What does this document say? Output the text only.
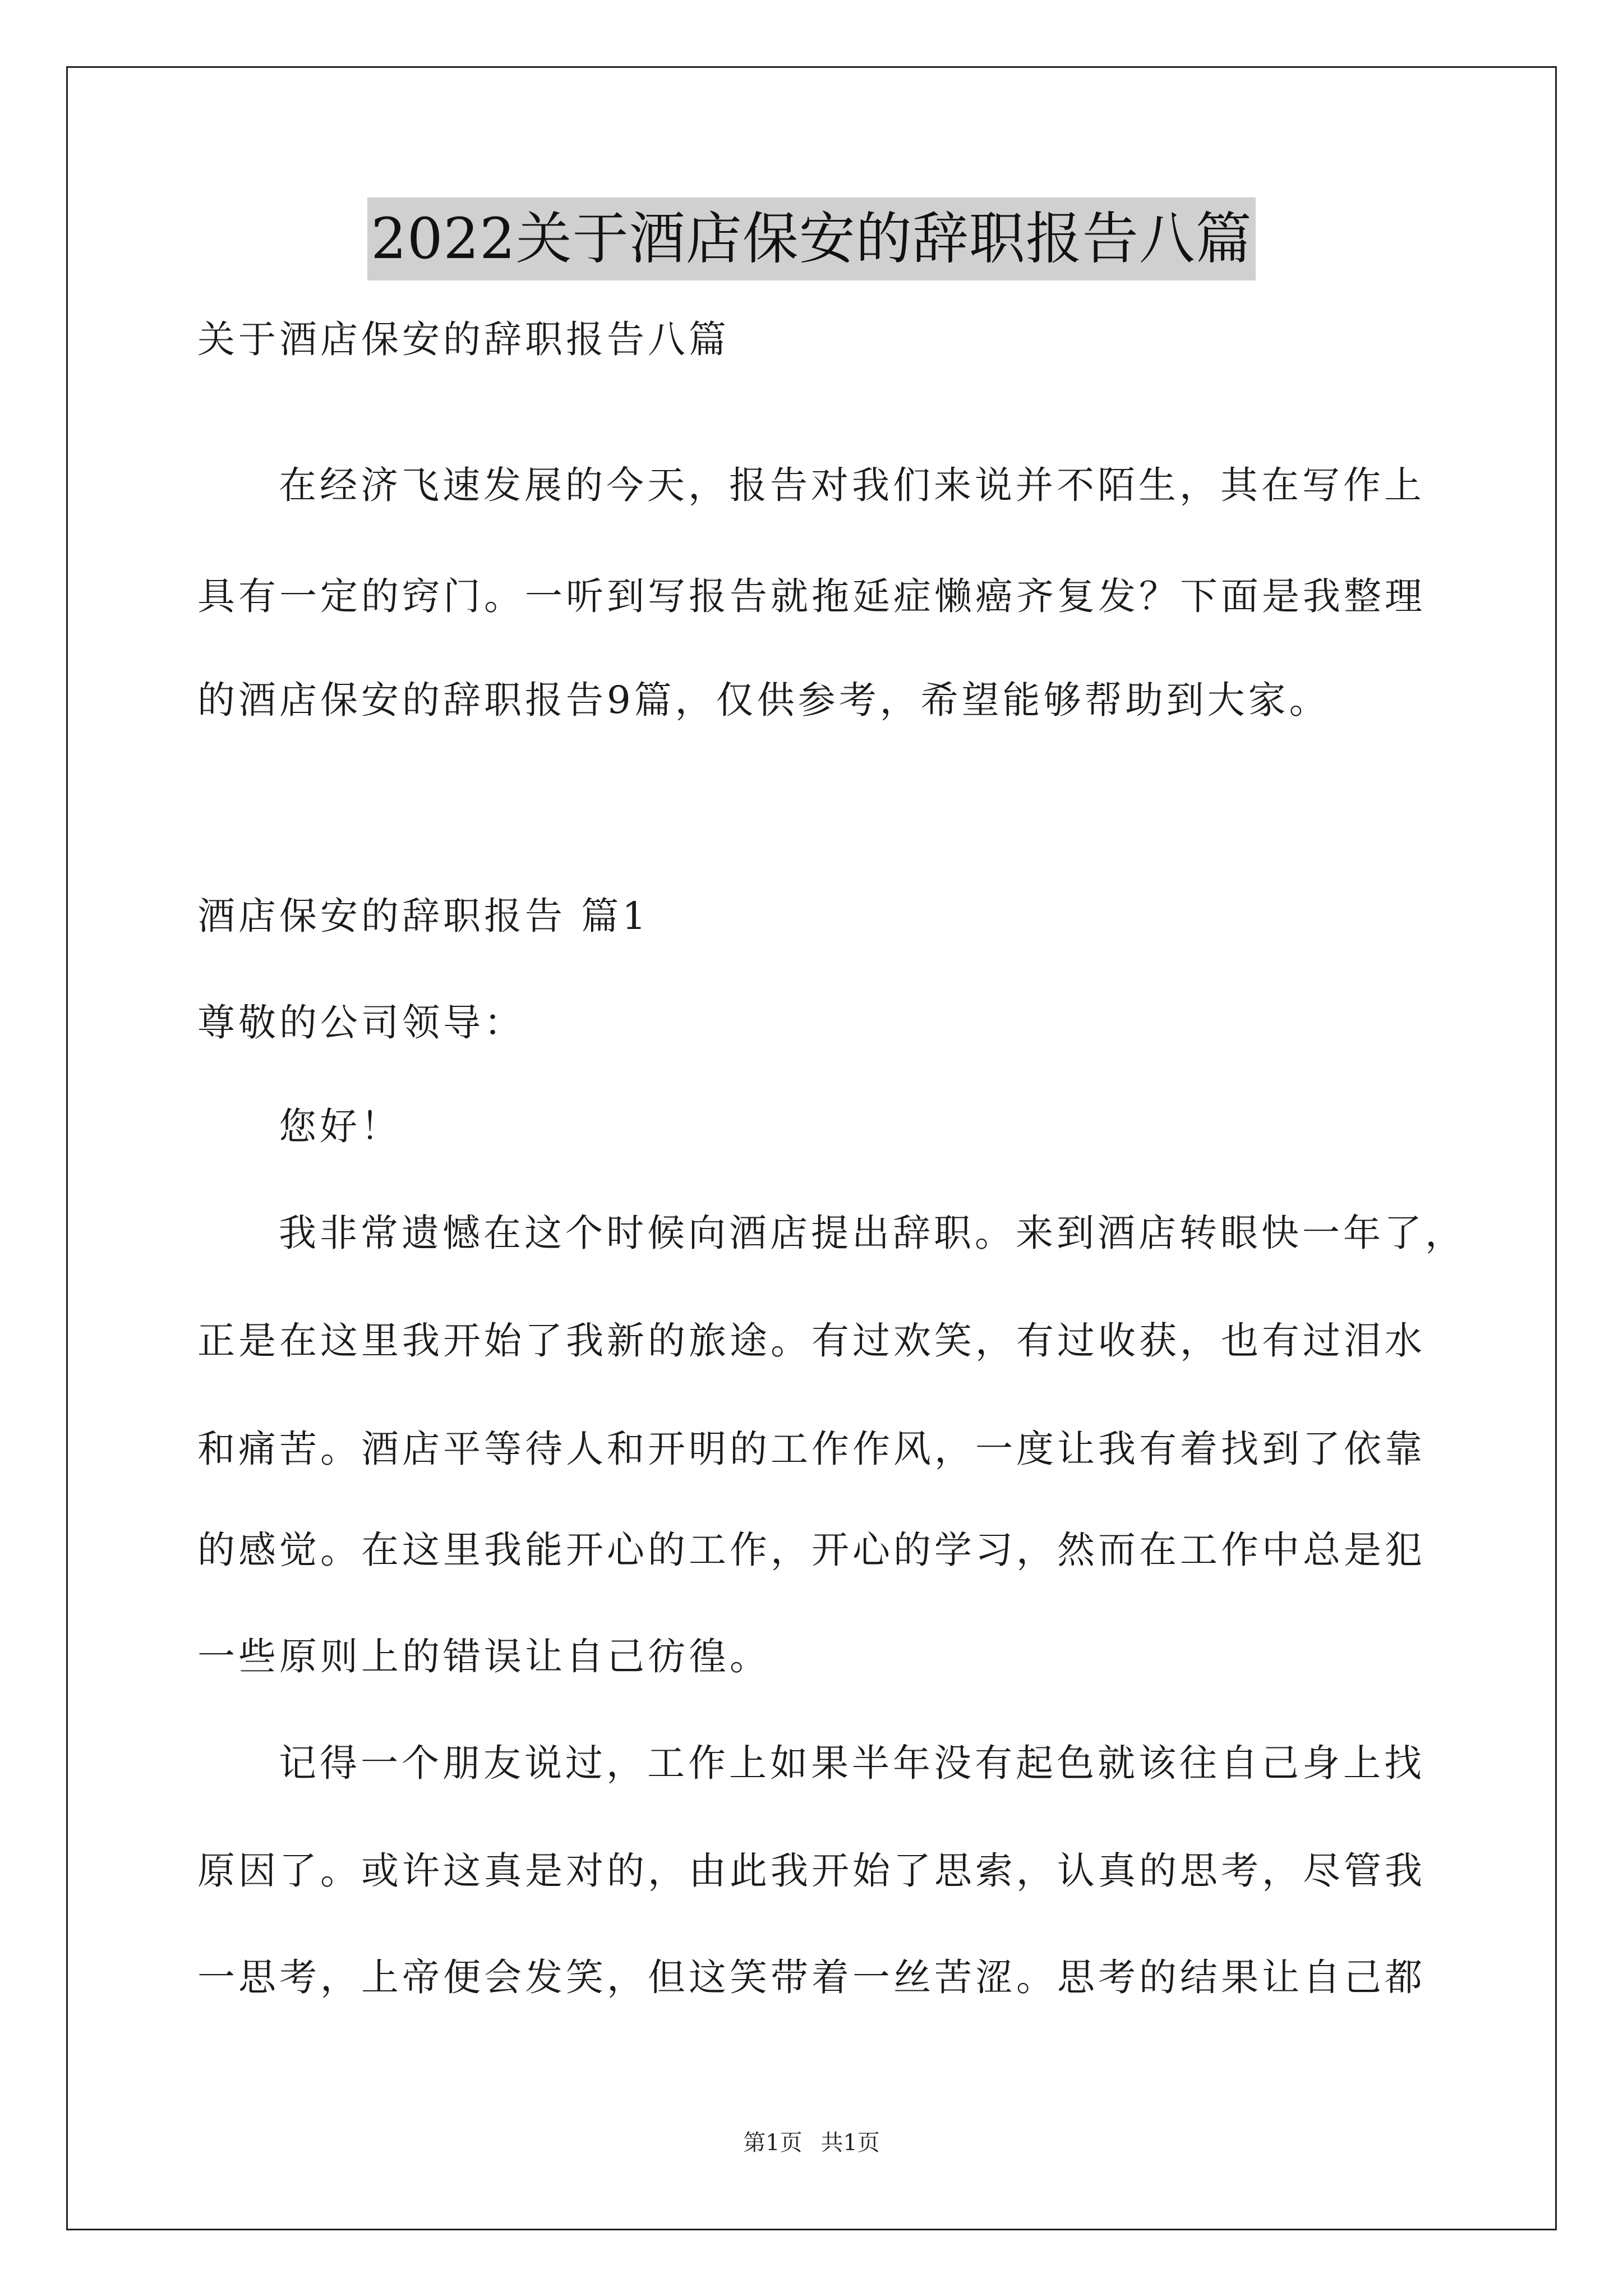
2022关于酒店保安的辞职报告八篇
关于酒店保安的辞职报告八篇
在经济飞速发展的今天，报告对我们来说并不陌生，其在写作上
具有一定的窍门。一听到写报告就拖延症懒癌齐复发？下面是我整理
的酒店保安的辞职报告9篇，仅供参考，希望能够帮助到大家。
酒店保安的辞职报告 篇1
尊敬的公司领导：
您好！
我非常遗憾在这个时候向酒店提出辞职。来到酒店转眼快一年了，
正是在这里我开始了我新的旅途。有过欢笑，有过收获，也有过泪水
和痛苦。酒店平等待人和开明的工作作风，一度让我有着找到了依靠
的感觉。在这里我能开心的工作，开心的学习，然而在工作中总是犯
一些原则上的错误让自己彷徨。
记得一个朋友说过，工作上如果半年没有起色就该往自己身上找
原因了。或许这真是对的，由此我开始了思索，认真的思考，尽管我
一思考，上帝便会发笑，但这笑带着一丝苦涩。思考的结果让自己都
第1页 共1页
